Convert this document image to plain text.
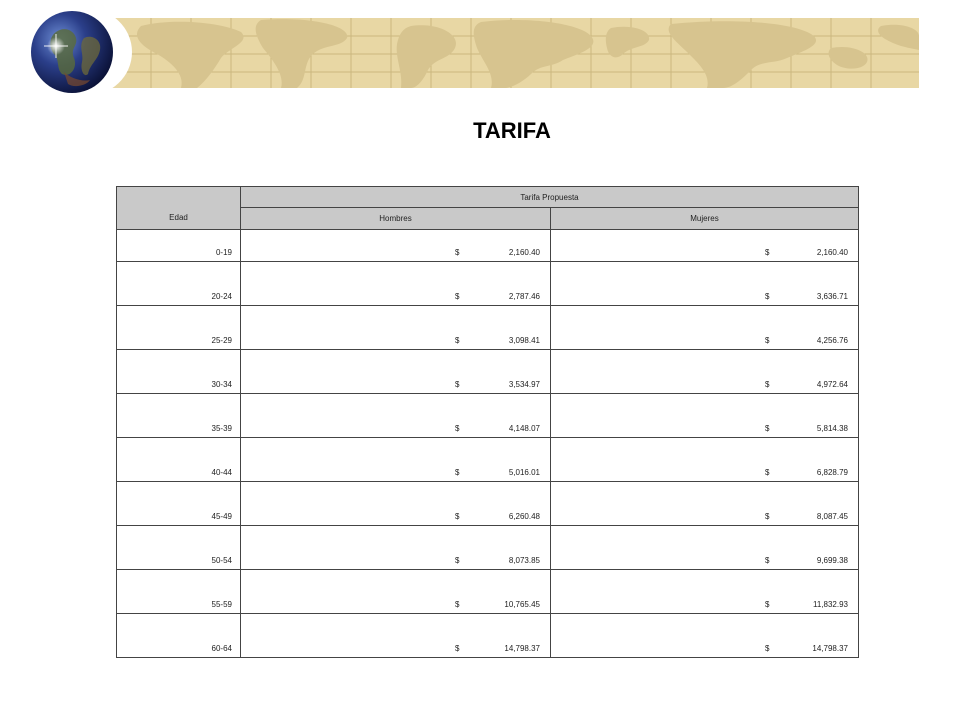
TARIFA
Edad	Tarifa Propuesta	
	Hombres	Mujeres
0-19	$ 2,160.40	$ 2,160.40

20-24	$ 2,787.46	$ 3,636.71

25-29	$ 3,098.41	$ 4,256.76

30-34	$ 3,534.97	$ 4,972.64

35-39	$ 4,148.07	$ 5,814.38

40-44	$ 5,016.01	$ 6,828.79

45-49	$ 6,260.48	$ 8,087.45

50-54	$ 8,073.85	$ 9,699.38

55-59	$ 10,765.45	$ 11,832.93

60-64	$ 14,798.37	$ 14,798.37
